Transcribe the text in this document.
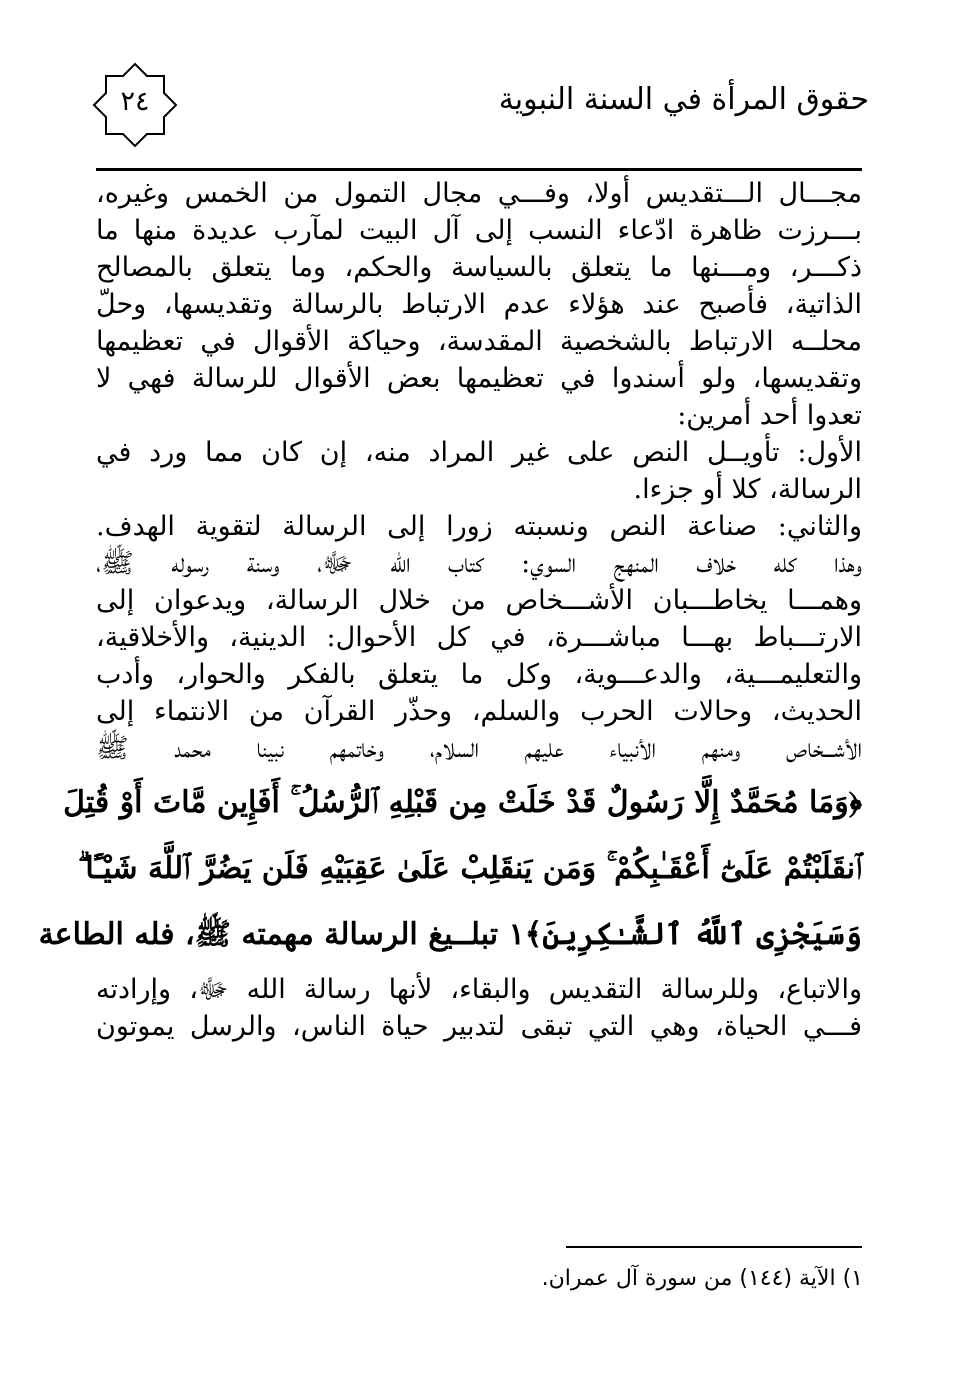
حقوق المرأة في السنة النبوية
٢٤
مجـــال الـــتقديس أولا، وفـــي مجال التمول من الخمس وغيره،
بـــرزت ظاهرة ادّعاء النسب إلى آل البيت لمآرب عديدة منها ما
ذكـــر، ومـــنها ما يتعلق بالسياسة والحكم، وما يتعلق بالمصالح
الذاتية، فأصبح عند هؤلاء عدم الارتباط بالرسالة وتقديسها، وحلّ
محلــه الارتباط بالشخصية المقدسة، وحياكة الأقوال في تعظيمها
وتقديسها، ولو أسندوا في تعظيمها بعض الأقوال للرسالة فهي لا
تعدوا أحد أمرين:
الأول: تأويــل النص على غير المراد منه، إن كان مما ورد في
الرسالة، كلا أو جزءا.
والثاني: صناعة النص ونسبته زورا إلى الرسالة لتقوية الهدف.
وهذا كله خلاف المنهج السوي: كتاب الله ﷻ، وسنة رسوله ﷺ،
وهمـــا يخاطـــبان الأشـــخاص من خلال الرسالة، ويدعوان إلى
الارتـــباط بهـــا مباشـــرة، في كل الأحوال: الدينية، والأخلاقية،
والتعليمـــية، والدعـــوية، وكل ما يتعلق بالفكر والحوار، وأدب
الحديث، وحالات الحرب والسلم، وحذّر القرآن من الانتماء إلى
الأشـــخاص ومنهم الأنبياء عليهم السلام، وخاتمهم نبينا محمد ﷺ
﴿وَمَا مُحَمَّدٌ إِلَّا رَسُولٌ قَدْ خَلَتْ مِن قَبْلِهِ ٱلرُّسُلُ ۚ أَفَإِين مَّاتَ أَوْ قُتِلَ
ٱنقَلَبْتُمْ عَلَىٰٓ أَعْقَـٰبِكُمْ ۚ وَمَن يَنقَلِبْ عَلَىٰ عَقِبَيْهِ فَلَن يَضُرَّ ٱللَّهَ شَيْـًٔا ۗ
وَسَيَجْزِى ٱللَّهُ ٱلشَّـٰكِرِينَ﴾١ تبلــيغ الرسالة مهمته ﷺ، فله الطاعة
والاتباع، وللرسالة التقديس والبقاء، لأنها رسالة الله ﷻ، وإرادته
فـــي الحياة، وهي التي تبقى لتدبير حياة الناس، والرسل يموتون
١) الآية (١٤٤) من سورة آل عمران.
